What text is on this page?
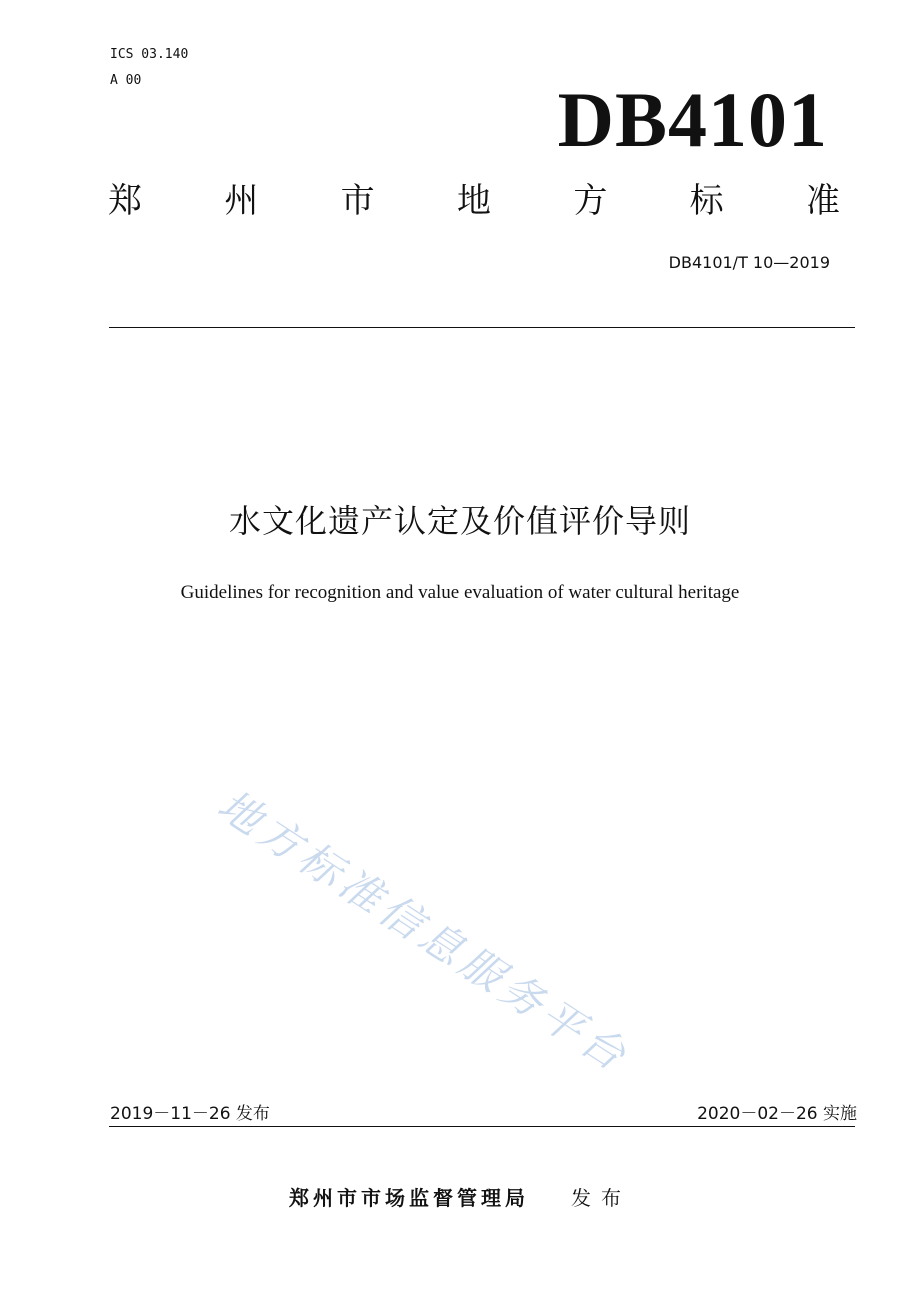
ICS 03.140
A 00	DB4101
郑 州 市 地 方 标 准
DB4101/T 10—2019
水文化遗产认定及价值评价导则
Guidelines for recognition and value evaluation of water cultural heritage
地方标准信息服务平台
2019－11－26 发布	2020－02－26 实施
郑州市市场监督管理局 发布
